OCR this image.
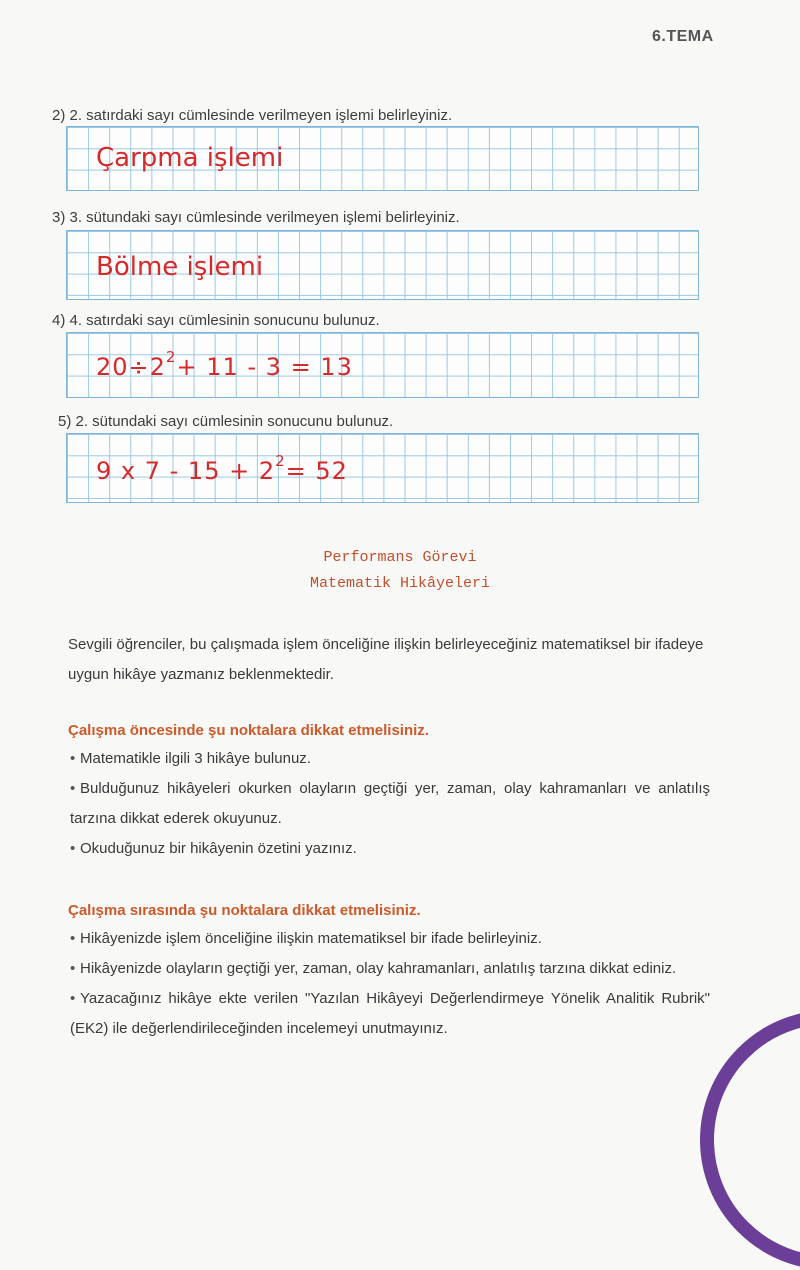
6.TEMA
2) 2. satırdaki sayı cümlesinde verilmeyen işlemi belirleyiniz.
Çarpma işlemi
3) 3. sütundaki sayı cümlesinde verilmeyen işlemi belirleyiniz.
Bölme işlemi
4) 4. satırdaki sayı cümlesinin sonucunu bulunuz.
$20\div 2^2+ 11 - 3 = 13$
5) 2. sütundaki sayı cümlesinin sonucunu bulunuz.
9 x $7 - 15 + 2^2= 52$
Performans Görevi
Matematik Hikâyeleri
Sevgili öğrenciler, bu çalışmada işlem önceliğine ilişkin belirleyeceğiniz matematiksel bir ifadeye uygun hikâye yazmanız beklenmektedir.
Çalışma öncesinde şu noktalara dikkat etmelisiniz.
• Matematikle ilgili 3 hikâye bulunuz.
• Bulduğunuz hikâyeleri okurken olayların geçtiği yer, zaman, olay kahramanları ve anlatılış tarzına dikkat ederek okuyunuz.
• Okuduğunuz bir hikâyenin özetini yazınız.
Çalışma sırasında şu noktalara dikkat etmelisiniz.
• Hikâyenizde işlem önceliğine ilişkin matematiksel bir ifade belirleyiniz.
• Hikâyenizde olayların geçtiği yer, zaman, olay kahramanları, anlatılış tarzına dikkat ediniz.
• Yazacağınız hikâye ekte verilen "Yazılan Hikâyeyi Değerlendirmeye Yönelik Analitik Rubrik" (EK2) ile değerlendirileceğinden incelemeyi unutmayınız.
